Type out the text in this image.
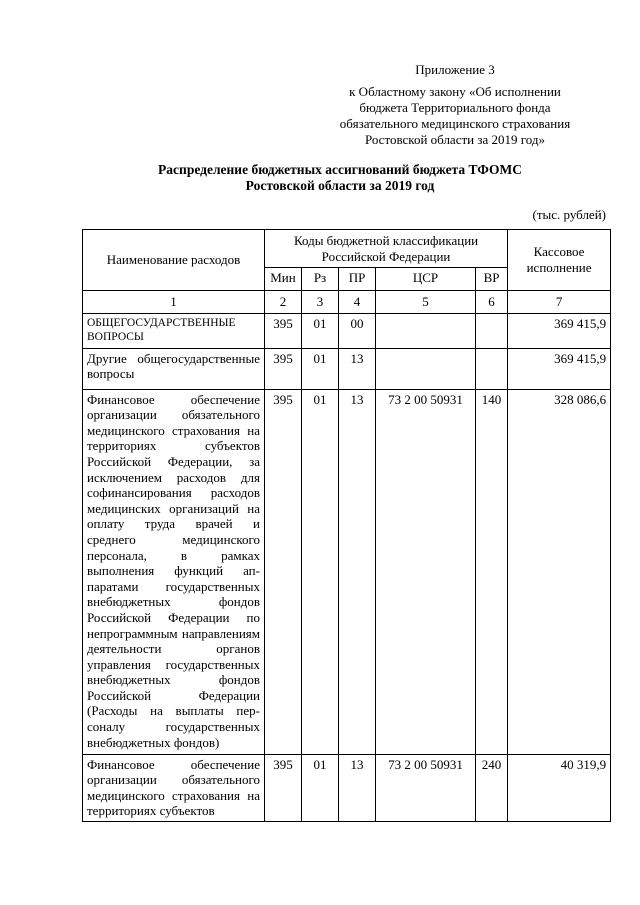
Приложение 3
к Областному закону «Об исполнении
бюджета Территориального фонда
обязательного медицинского страхования
Ростовской области за 2019 год»
Распределение бюджетных ассигнований бюджета ТФОМС
Ростовской области за 2019 год
(тыс. рублей)
Наименование расходов	Коды бюджетной классификации Российской Федерации					Кассовое исполнение
	Мин	Рз	ПР	ЦСР	ВР	
1	2	3	4	5	6	7
ОБЩЕГОСУДАРСТВЕННЫЕ ВОПРОСЫ	395	01	00			369 415,9
Другие общегосударственные вопросы	395	01	13			369 415,9
Финансовое обеспечение организации обязательного медицинского страхования на территориях субъектов Российской Федерации, за исключением расходов для софинансирования расходов медицинских организаций на оплату труда врачей и среднего медицинского персонала, в рамках выполнения функций аппаратами государственных внебюджетных фондов Российской Федерации по непрограммным направлениям деятельности органов управления государственных внебюджетных фондов Российской Федерации (Расходы на выплаты персоналу государственных внебюджетных фондов)	395	01	13	73 2 00 50931	140	328 086,6
Финансовое обеспечение организации обязательного медицинского страхования на территориях субъектов	395	01	13	73 2 00 50931	240	40 319,9
